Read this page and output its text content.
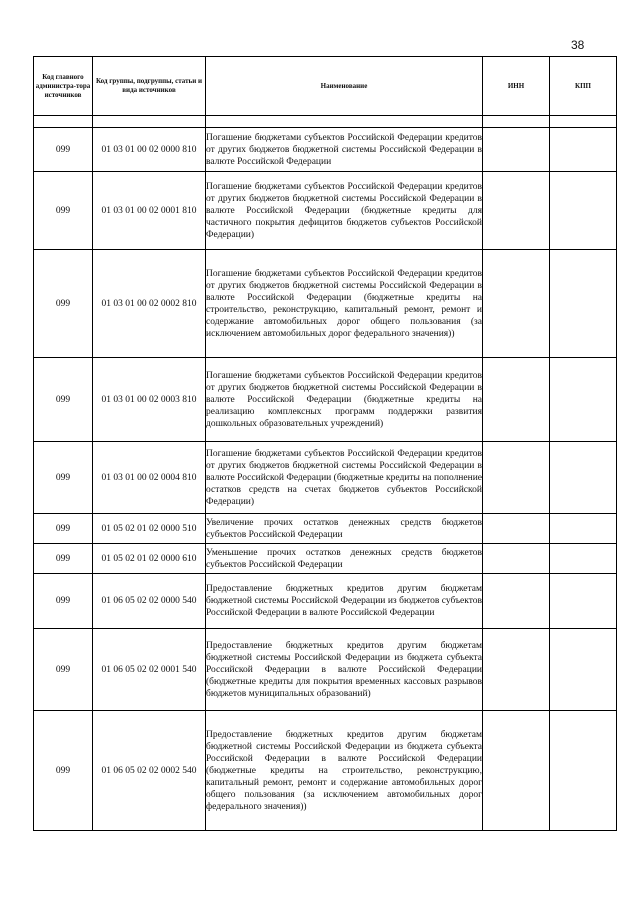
38
Код главного администра-тора источников	Код группы, подгруппы, статьи и вида источников	Наименование	ИНН	КПП

099	01 03 01 00 02 0000 810	Погашение бюджетами субъектов Российской Федерации кредитов от других бюджетов бюджетной системы Российской Федерации в валюте Российской Федерации		
099	01 03 01 00 02 0001 810	Погашение бюджетами субъектов Российской Федерации кредитов от других бюджетов бюджетной системы Российской Федерации в валюте Российской Федерации (бюджетные кредиты для частичного покрытия дефицитов бюджетов субъектов Российской Федерации)		
099	01 03 01 00 02 0002 810	Погашение бюджетами субъектов Российской Федерации кредитов от других бюджетов бюджетной системы Российской Федерации в валюте Российской Федерации (бюджетные кредиты на строительство, реконструкцию, капитальный ремонт, ремонт и содержание автомобильных дорог общего пользования (за исключением автомобильных дорог федерального значения))		
099	01 03 01 00 02 0003 810	Погашение бюджетами субъектов Российской Федерации кредитов от других бюджетов бюджетной системы Российской Федерации в валюте Российской Федерации (бюджетные кредиты на реализацию комплексных программ поддержки развития дошкольных образовательных учреждений)		
099	01 03 01 00 02 0004 810	Погашение бюджетами субъектов Российской Федерации кредитов от других бюджетов бюджетной системы Российской Федерации в валюте Российской Федерации (бюджетные кредиты на пополнение остатков средств на счетах бюджетов субъектов Российской Федерации)		
099	01 05 02 01 02 0000 510	Увеличение прочих остатков денежных средств бюджетов субъектов Российской Федерации		
099	01 05 02 01 02 0000 610	Уменьшение прочих остатков денежных средств бюджетов субъектов Российской Федерации		
099	01 06 05 02 02 0000 540	Предоставление бюджетных кредитов другим бюджетам бюджетной системы Российской Федерации из бюджетов субъектов Российской Федерации в валюте Российской Федерации		
099	01 06 05 02 02 0001 540	Предоставление бюджетных кредитов другим бюджетам бюджетной системы Российской Федерации из бюджета субъекта Российской Федерации в валюте Российской Федерации (бюджетные кредиты для покрытия временных кассовых разрывов бюджетов муниципальных образований)		
099	01 06 05 02 02 0002 540	Предоставление бюджетных кредитов другим бюджетам бюджетной системы Российской Федерации из бюджета субъекта Российской Федерации в валюте Российской Федерации (бюджетные кредиты на строительство, реконструкцию, капитальный ремонт, ремонт и содержание автомобильных дорог общего пользования (за исключением автомобильных дорог федерального значения))		
